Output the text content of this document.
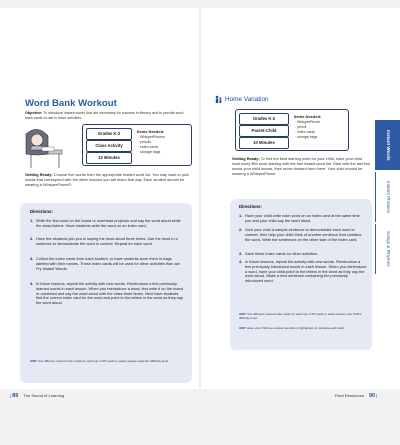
Word Bank Workout
Objective: To introduce instant words that are necessary for success in literacy and to provide word bank cards to use in other activities.
Grades K-2
Class Activity
10 Minutes
Items Needed:
· WhisperPhones
· pencils
· index cards
· storage bags
Getting Ready: Choose five words from the appropriate Instant word list. You may want to pick words that correspond with the other lessons you will teach that day. Each student should be wearing a WhisperPhone®
Directions:
1. Write the first word on the board or overhead projector and say the word aloud while the class listens. Have students write the word on an index card.
2. Have the students join you in saying the word aloud three times. Use the word in a sentence to demonstrate the word in context. Repeat for each word.
3. Collect the index cards from each student, or have students store them in bags labeled with their names. These index cards will be used for other activities that use Fry Instant Words.
4. In future lessons, repeat the activity with new words. Reintroduce a few previously learned words in each lesson. When you reintroduce a word, first write it on the board or overhead and say the word aloud with the class three times. Next have students find the correct index card for the word and point to the letters in the word as they say the word aloud.
HINT: Use different colored index cards for each set of 25 words to easily assess students' difficulty level.
[ 89 The Sound of Learning
Home Variation
Grades K-2
Parent-Child
10 Minutes
Items Needed:
· WhisperPhone
· pencil
· index cards
· storage bags
Getting Ready: To find the best starting point for your child, have your child read every fifth word starting with the first instant word list. Start with the last five words your child knows, then move forward from there. Your child should be wearing a WhisperPhone.
Directions:
1. Have your child write each word on an index card at the same time you and your child say the word aloud.
2. Give your child a sample sentence to demonstrate each word in context, then help your child think of another sentence that contains the word. Write the sentences on the other side of the index card.
3. Save these index cards for other activities.
4. In future lessons, repeat the activity with new words. Reintroduce a few previously introduced words in each lesson. When you reintroduce a word, have your child point to the letters in the word as they say the word aloud. Make a new sentence containing the previously introduced word.
HINT: Use different colored index cards for each set of 25 words to easily assess your child's difficulty level.
HINT: Have your child use colored pencils or highlighters to decorate each card.
Field Resources 90 ]
Instant Words
Instant Phrases
Songs & Rhymes
